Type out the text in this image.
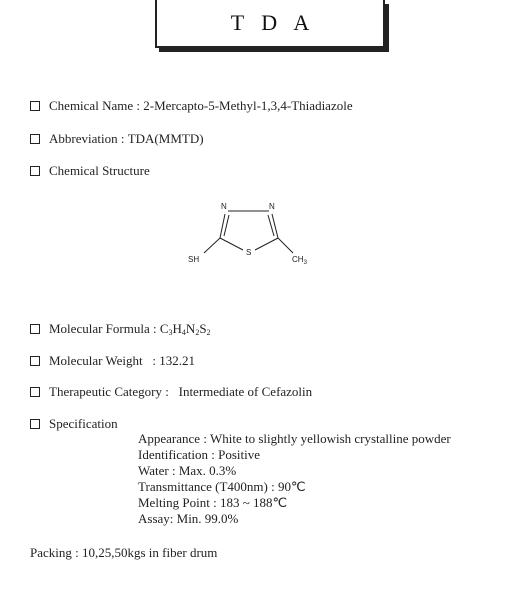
T D A
Chemical Name : 2-Mercapto-5-Methyl-1,3,4-Thiadiazole
Abbreviation : TDA(MMTD)
Chemical Structure
N	N
S
SH	$CH_3$
Molecular Formula : $C_3H_4N_2S_2$
Molecular Weight : 132.21
Therapeutic Category : Intermediate of Cefazolin
Specification
Appearance : White to slightly yellowish crystalline powder
Identification : Positive
Water : Max. 0.3%
Transmittance (T400nm) : 90℃
Melting Point : 183 ~ 188℃
Assay: Min. 99.0%
Packing : 10,25,50kgs in fiber drum
